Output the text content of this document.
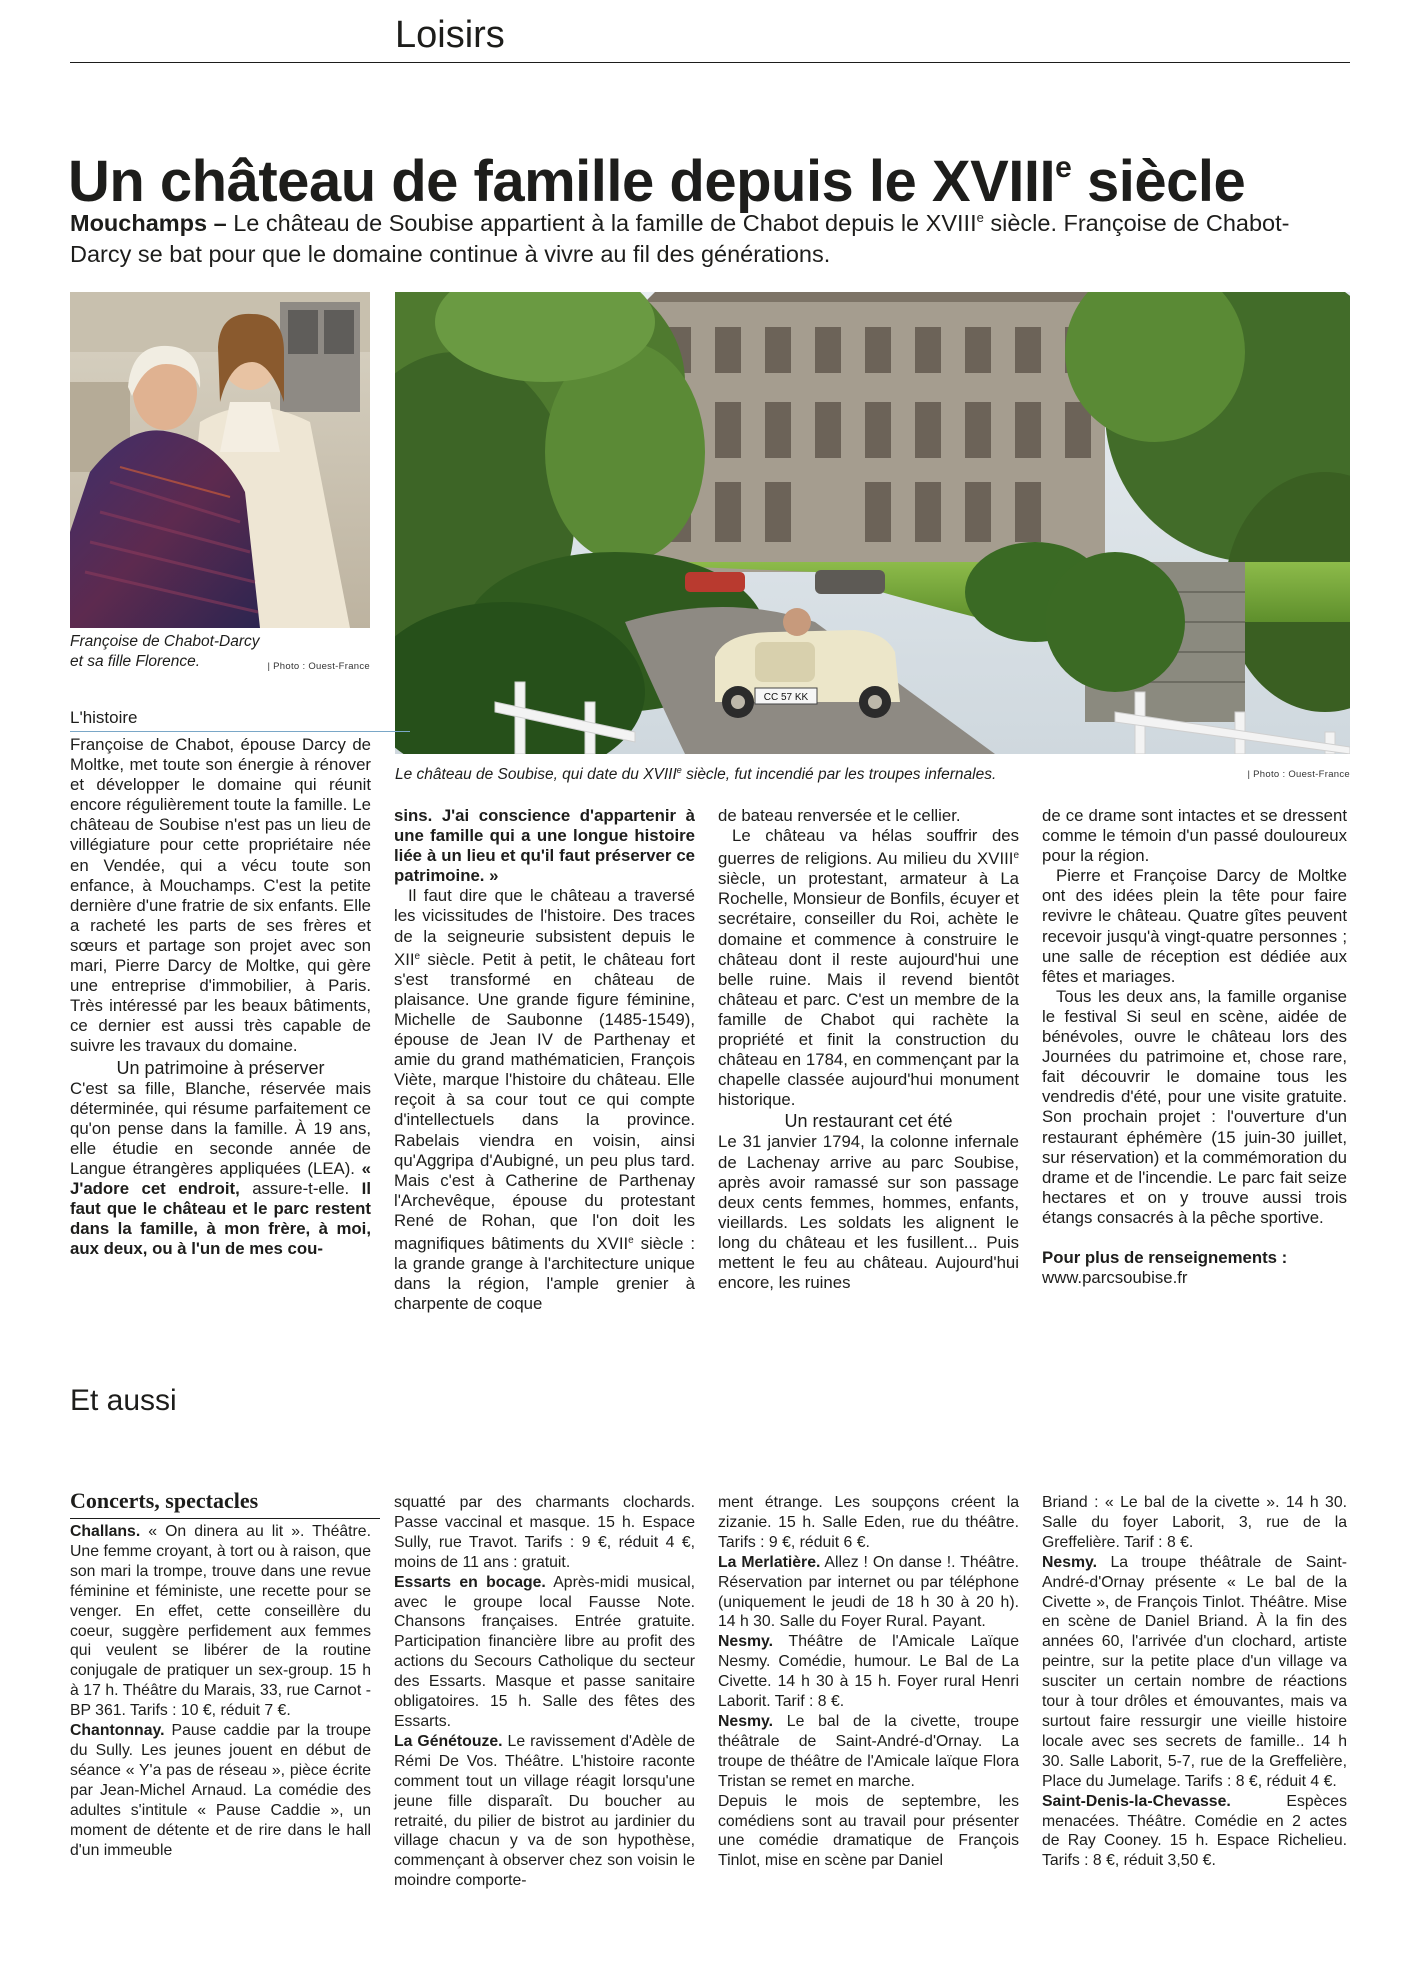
Loisirs
Un château de famille depuis le XVIIIe siècle
Mouchamps – Le château de Soubise appartient à la famille de Chabot depuis le XVIIIe siècle. Françoise de Chabot-Darcy se bat pour que le domaine continue à vivre au fil des générations.
Françoise de Chabot-Darcy
et sa fille Florence.	| Photo : Ouest-France
CC 57 KK
Le château de Soubise, qui date du XVIIIe siècle, fut incendié par les troupes infernales.	| Photo : Ouest-France
L'histoire

Françoise de Chabot, épouse Darcy de Moltke, met toute son énergie à rénover et développer le domaine qui réunit encore régulièrement toute la famille. Le château de Soubise n'est pas un lieu de villégiature pour cette propriétaire née en Vendée, qui a vécu toute son enfance, à Mouchamps. C'est la petite dernière d'une fratrie de six enfants. Elle a racheté les parts de ses frères et sœurs et partage son projet avec son mari, Pierre Darcy de Moltke, qui gère une entreprise d'immobilier, à Paris. Très intéressé par les beaux bâtiments, ce dernier est aussi très capable de suivre les travaux du domaine.

Un patrimoine à préserver

C'est sa fille, Blanche, réservée mais déterminée, qui résume parfaitement ce qu'on pense dans la famille. À 19 ans, elle étudie en seconde année de Langue étrangères appliquées (LEA). « J'adore cet endroit, assure-t-elle. Il faut que le château et le parc restent dans la famille, à mon frère, à moi, aux deux, ou à l'un de mes cou-

sins. J'ai conscience d'appartenir à une famille qui a une longue histoire liée à un lieu et qu'il faut préserver ce patrimoine. »

Il faut dire que le château a traversé les vicissitudes de l'histoire. Des traces de la seigneurie subsistent depuis le XIIe siècle. Petit à petit, le château fort s'est transformé en château de plaisance. Une grande figure féminine, Michelle de Saubonne (1485-1549), épouse de Jean IV de Parthenay et amie du grand mathématicien, François Viète, marque l'histoire du château. Elle reçoit à sa cour tout ce qui compte d'intellectuels dans la province. Rabelais viendra en voisin, ainsi qu'Aggripa d'Aubigné, un peu plus tard. Mais c'est à Catherine de Parthenay l'Archevêque, épouse du protestant René de Rohan, que l'on doit les magnifiques bâtiments du XVIIe siècle : la grande grange à l'architecture unique dans la région, l'ample grenier à charpente de coque

de bateau renversée et le cellier.

Le château va hélas souffrir des guerres de religions. Au milieu du XVIIIe siècle, un protestant, armateur à La Rochelle, Monsieur de Bonfils, écuyer et secrétaire, conseiller du Roi, achète le domaine et commence à construire le château dont il reste aujourd'hui une belle ruine. Mais il revend bientôt château et parc. C'est un membre de la famille de Chabot qui rachète la propriété et finit la construction du château en 1784, en commençant par la chapelle classée aujourd'hui monument historique.

Un restaurant cet été

Le 31 janvier 1794, la colonne infernale de Lachenay arrive au parc Soubise, après avoir ramassé sur son passage deux cents femmes, hommes, enfants, vieillards. Les soldats les alignent le long du château et les fusillent... Puis mettent le feu au château. Aujourd'hui encore, les ruines

de ce drame sont intactes et se dressent comme le témoin d'un passé douloureux pour la région.

Pierre et Françoise Darcy de Moltke ont des idées plein la tête pour faire revivre le château. Quatre gîtes peuvent recevoir jusqu'à vingt-quatre personnes ; une salle de réception est dédiée aux fêtes et mariages.

Tous les deux ans, la famille organise le festival Si seul en scène, aidée de bénévoles, ouvre le château lors des Journées du patrimoine et, chose rare, fait découvrir le domaine tous les vendredis d'été, pour une visite gratuite. Son prochain projet : l'ouverture d'un restaurant éphémère (15 juin-30 juillet, sur réservation) et la commémoration du drame et de l'incendie. Le parc fait seize hectares et on y trouve aussi trois étangs consacrés à la pêche sportive.

Pour plus de renseignements :

www.parcsoubise.fr

Et aussi
Concerts, spectacles

Challans. « On dinera au lit ». Théâtre. Une femme croyant, à tort ou à raison, que son mari la trompe, trouve dans une revue féminine et féministe, une recette pour se venger. En effet, cette conseillère du coeur, suggère perfidement aux femmes qui veulent se libérer de la routine conjugale de pratiquer un sex-group. 15 h à 17 h. Théâtre du Marais, 33, rue Carnot - BP 361. Tarifs : 10 €, réduit 7 €.

Chantonnay. Pause caddie par la troupe du Sully. Les jeunes jouent en début de séance « Y'a pas de réseau », pièce écrite par Jean-Michel Arnaud. La comédie des adultes s'intitule « Pause Caddie », un moment de détente et de rire dans le hall d'un immeuble

squatté par des charmants clochards. Passe vaccinal et masque. 15 h. Espace Sully, rue Travot. Tarifs : 9 €, réduit 4 €, moins de 11 ans : gratuit.

Essarts en bocage. Après-midi musical, avec le groupe local Fausse Note. Chansons françaises. Entrée gratuite. Participation financière libre au profit des actions du Secours Catholique du secteur des Essarts. Masque et passe sanitaire obligatoires. 15 h. Salle des fêtes des Essarts.

La Génétouze. Le ravissement d'Adèle de Rémi De Vos. Théâtre. L'histoire raconte comment tout un village réagit lorsqu'une jeune fille disparaît. Du boucher au retraité, du pilier de bistrot au jardinier du village chacun y va de son hypothèse, commençant à observer chez son voisin le moindre comporte-

ment étrange. Les soupçons créent la zizanie. 15 h. Salle Eden, rue du théâtre. Tarifs : 9 €, réduit 6 €.

La Merlatière. Allez ! On danse !. Théâtre. Réservation par internet ou par téléphone (uniquement le jeudi de 18 h 30 à 20 h). 14 h 30. Salle du Foyer Rural. Payant.

Nesmy. Théâtre de l'Amicale Laïque Nesmy. Comédie, humour. Le Bal de La Civette. 14 h 30 à 15 h. Foyer rural Henri Laborit. Tarif : 8 €.

Nesmy. Le bal de la civette, troupe théâtrale de Saint-André-d'Ornay. La troupe de théâtre de l'Amicale laïque Flora Tristan se remet en marche.

Depuis le mois de septembre, les comédiens sont au travail pour présenter une comédie dramatique de François Tinlot, mise en scène par Daniel

Briand : « Le bal de la civette ». 14 h 30. Salle du foyer Laborit, 3, rue de la Greffelière. Tarif : 8 €.

Nesmy. La troupe théâtrale de Saint-André-d'Ornay présente « Le bal de la Civette », de François Tinlot. Théâtre. Mise en scène de Daniel Briand. À la fin des années 60, l'arrivée d'un clochard, artiste peintre, sur la petite place d'un village va susciter un certain nombre de réactions tour à tour drôles et émouvantes, mais va surtout faire ressurgir une vieille histoire locale avec ses secrets de famille.. 14 h 30. Salle Laborit, 5-7, rue de la Greffelière, Place du Jumelage. Tarifs : 8 €, réduit 4 €.

Saint-Denis-la-Chevasse. Espèces menacées. Théâtre. Comédie en 2 actes de Ray Cooney. 15 h. Espace Richelieu. Tarifs : 8 €, réduit 3,50 €.
